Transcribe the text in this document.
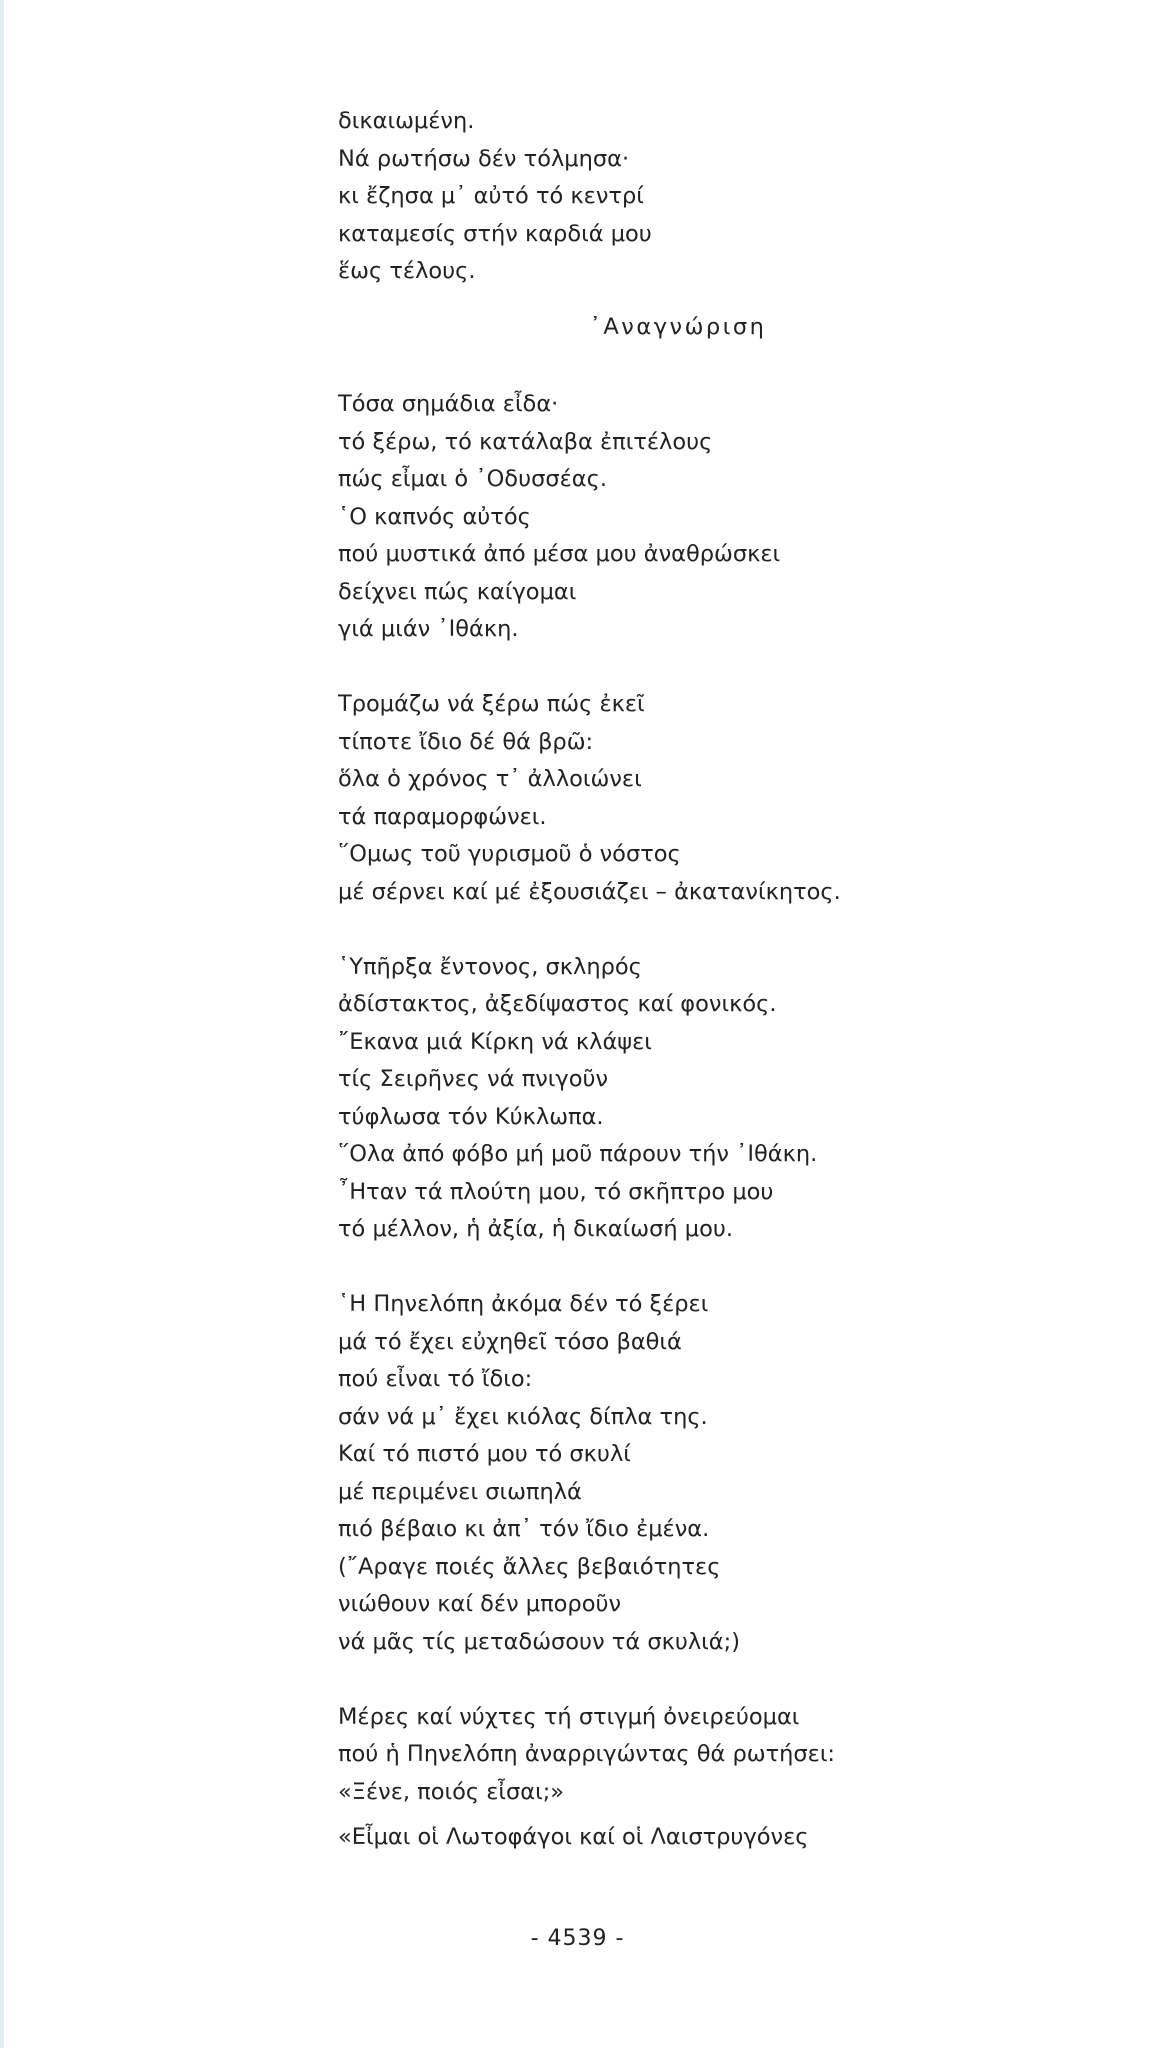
δικαιωμένη.
Νά ρωτήσω δέν τόλμησα·
κι ἔζησα μ᾿ αὐτό τό κεντρί
καταμεσίς στήν καρδιά μου
ἕως τέλους.
᾿Αναγνώριση
Τόσα σημάδια εἶδα·
τό ξέρω, τό κατάλαβα ἐπιτέλους
πώς εἶμαι ὁ ᾿Οδυσσέας.
῾Ο καπνός αὐτός
πού μυστικά ἀπό μέσα μου ἀναθρώσκει
δείχνει πώς καίγομαι
γιά μιάν ᾿Ιθάκη.
Τρομάζω νά ξέρω πώς ἐκεῖ
τίποτε ἴδιο δέ θά βρῶ:
ὅλα ὁ χρόνος τ᾿ ἀλλοιώνει
τά παραμορφώνει.
῞Ομως τοῦ γυρισμοῦ ὁ νόστος
μέ σέρνει καί μέ ἐξουσιάζει – ἀκατανίκητος.
῾Υπῆρξα ἔντονος, σκληρός
ἀδίστακτος, ἀξεδίψαστος καί φονικός.
῎Εκανα μιά Κίρκη νά κλάψει
τίς Σειρῆνες νά πνιγοῦν
τύφλωσα τόν Κύκλωπα.
῞Ολα ἀπό φόβο μή μοῦ πάρουν τήν ᾿Ιθάκη.
῏Ηταν τά πλούτη μου, τό σκῆπτρο μου
τό μέλλον, ἡ ἀξία, ἡ δικαίωσή μου.
῾Η Πηνελόπη ἀκόμα δέν τό ξέρει
μά τό ἔχει εὐχηθεῖ τόσο βαθιά
πού εἶναι τό ἴδιο:
σάν νά μ᾿ ἔχει κιόλας δίπλα της.
Καί τό πιστό μου τό σκυλί
μέ περιμένει σιωπηλά
πιό βέβαιο κι ἀπ᾿ τόν ἴδιο ἐμένα.
(῎Αραγε ποιές ἄλλες βεβαιότητες
νιώθουν καί δέν μποροῦν
νά μᾶς τίς μεταδώσουν τά σκυλιά;)
Μέρες καί νύχτες τή στιγμή ὀνειρεύομαι
πού ἡ Πηνελόπη ἀναρριγώντας θά ρωτήσει:
«Ξένε, ποιός εἶσαι;»
«Εἶμαι οἱ Λωτοφάγοι καί οἱ Λαιστρυγόνες
- 4539 -
